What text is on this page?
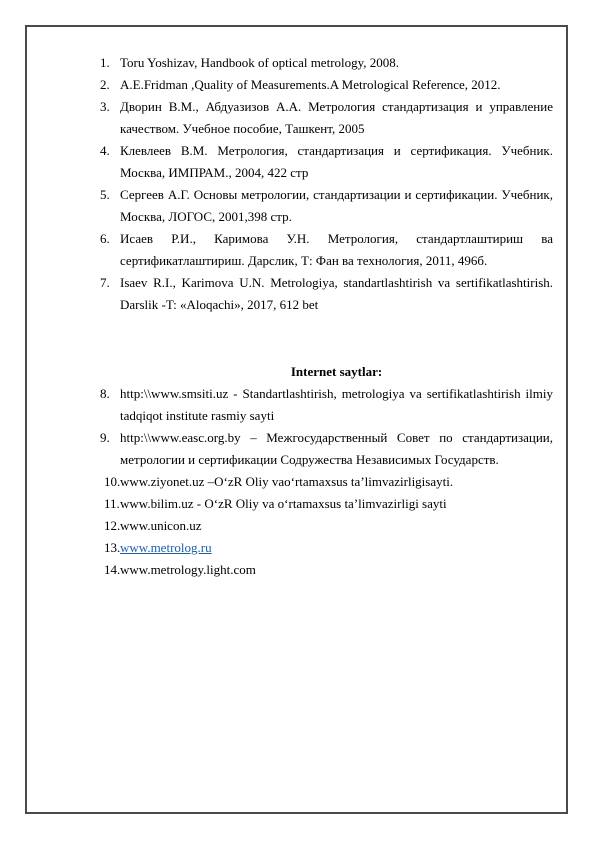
1. Toru Yoshizav, Handbook of optical metrology, 2008.
2. A.E.Fridman ,Quality of Measurements.A Metrological Reference, 2012.
3. Дворин В.М., Абдуазизов А.А. Метрология стандартизация и управление качеством. Учебное пособие, Ташкент, 2005
4. Клевлеев В.М. Метрология, стандартизация и сертификация. Учебник. Москва, ИМПРАМ., 2004, 422 стр
5. Сергеев А.Г. Основы метрологии, стандартизации и сертификации. Учебник, Москва, ЛОГОС, 2001,398 стр.
6. Исаев Р.И., Каримова У.Н. Метрология, стандартлаштириш ва сертификатлаштириш. Дарслик, Т: Фан ва технология, 2011, 496б.
7. Isaev R.I., Karimova U.N. Metrologiya, standartlashtirish va sertifikatlashtirish. Darslik -T: «Aloqachi», 2017, 612 bet
Internet saytlar:
8. http:\\www.smsiti.uz - Standartlashtirish, metrologiya va sertifikatlashtirish ilmiy tadqiqot institute rasmiy sayti
9. http:\\www.easc.org.by – Межгосударственный Совет по стандартизации, метрологии и сертификации Содружества Независимых Государств.
10. www.ziyonet.uz –O‘zR Oliy vao‘rtamaxsus ta’limvazirligisayti.
11. www.bilim.uz - O‘zR Oliy va o‘rtamaxsus ta’limvazirligi sayti
12. www.unicon.uz
13. www.metrolog.ru
14. www.metrology.light.com
